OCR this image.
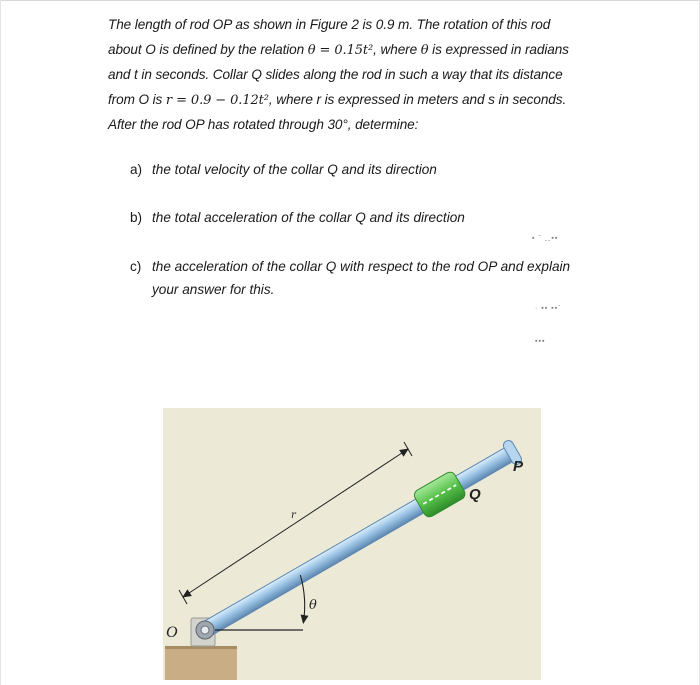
The length of rod OP as shown in Figure 2 is 0.9 m. The rotation of this rod
about O is defined by the relation θ = 0.15t², where θ is expressed in radians
and t in seconds. Collar Q slides along the rod in such a way that its distance
from O is r = 0.9 − 0.12t², where r is expressed in meters and s in seconds.
After the rod OP has rotated through 30°, determine:
a) the total velocity of the collar Q and its direction
b) the total acceleration of the collar Q and its direction
c) the acceleration of the collar Q with respect to the rod OP and explain
your answer for this.
▪ ˉ ˍˍ▪▪
· ▪▪ ▪▪ˉ
▪▪▪
θ
r
O
Q
P
